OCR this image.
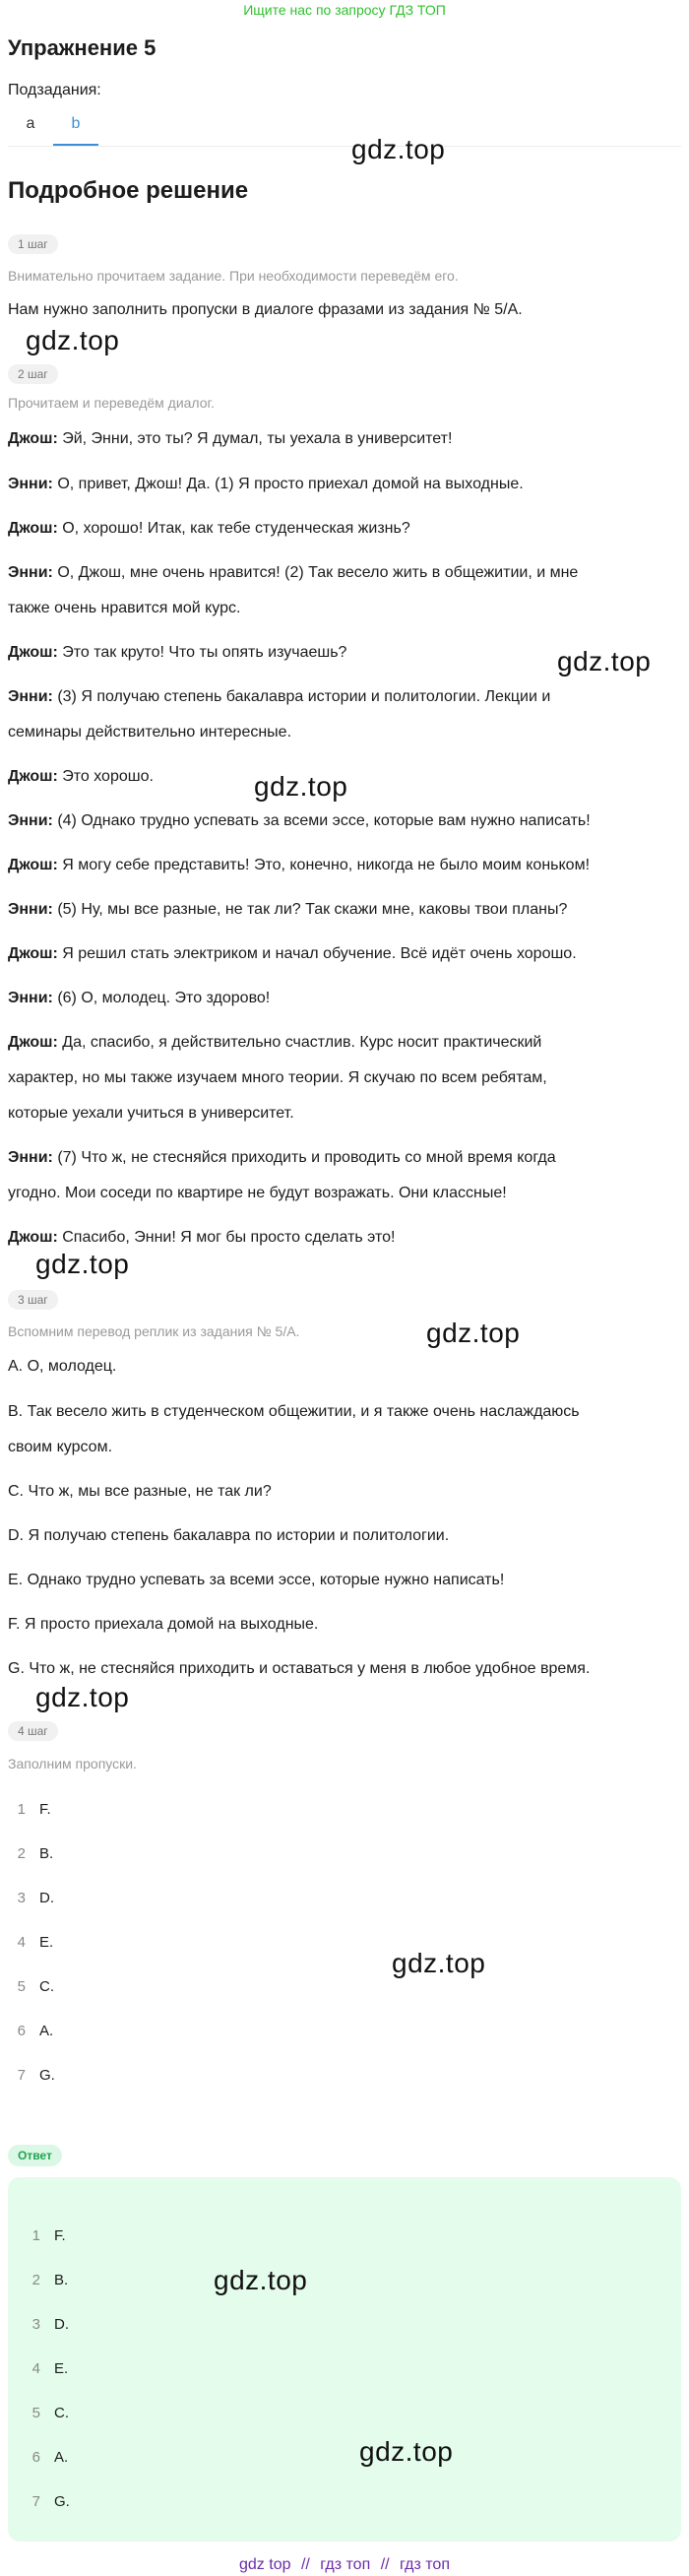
Ищите нас по запросу ГДЗ ТОП
Упражнение 5
Подзадания:
a	b
Подробное решение
1 шаг
Внимательно прочитаем задание. При необходимости переведём его.
Нам нужно заполнить пропуски в диалоге фразами из задания № 5/А.
2 шаг
Прочитаем и переведём диалог.
Джош: Эй, Энни, это ты? Я думал, ты уехала в университет!
Энни: О, привет, Джош! Да. (1) Я просто приехал домой на выходные.
Джош: О, хорошо! Итак, как тебе студенческая жизнь?
Энни: О, Джош, мне очень нравится! (2) Так весело жить в общежитии, и мне
также очень нравится мой курс.
Джош: Это так круто! Что ты опять изучаешь?
Энни: (3) Я получаю степень бакалавра истории и политологии. Лекции и
семинары действительно интересные.
Джош: Это хорошо.
Энни: (4) Однако трудно успевать за всеми эссе, которые вам нужно написать!
Джош: Я могу себе представить! Это, конечно, никогда не было моим коньком!
Энни: (5) Ну, мы все разные, не так ли? Так скажи мне, каковы твои планы?
Джош: Я решил стать электриком и начал обучение. Всё идёт очень хорошо.
Энни: (6) О, молодец. Это здорово!
Джош: Да, спасибо, я действительно счастлив. Курс носит практический
характер, но мы также изучаем много теории. Я скучаю по всем ребятам,
которые уехали учиться в университет.
Энни: (7) Что ж, не стесняйся приходить и проводить со мной время когда
угодно. Мои соседи по квартире не будут возражать. Они классные!
Джош: Спасибо, Энни! Я мог бы просто сделать это!
3 шаг
Вспомним перевод реплик из задания № 5/А.
A. О, молодец.
B. Так весело жить в студенческом общежитии, и я также очень наслаждаюсь
своим курсом.
C. Что ж, мы все разные, не так ли?
D. Я получаю степень бакалавра по истории и политологии.
E. Однако трудно успевать за всеми эссе, которые нужно написать!
F. Я просто приехала домой на выходные.
G. Что ж, не стесняйся приходить и оставаться у меня в любое удобное время.
4 шаг
Заполним пропуски.
1 F.
2 B.
3 D.
4 E.
5 C.
6 A.
7 G.
Ответ
1 F.
2 B.
3 D.
4 E.
5 C.
6 A.
7 G.
gdz.top
gdz.top
gdz.top
gdz.top
gdz.top
gdz.top
gdz.top
gdz.top
gdz.top
gdz.top
gdz top // гдз топ // гдз топ
